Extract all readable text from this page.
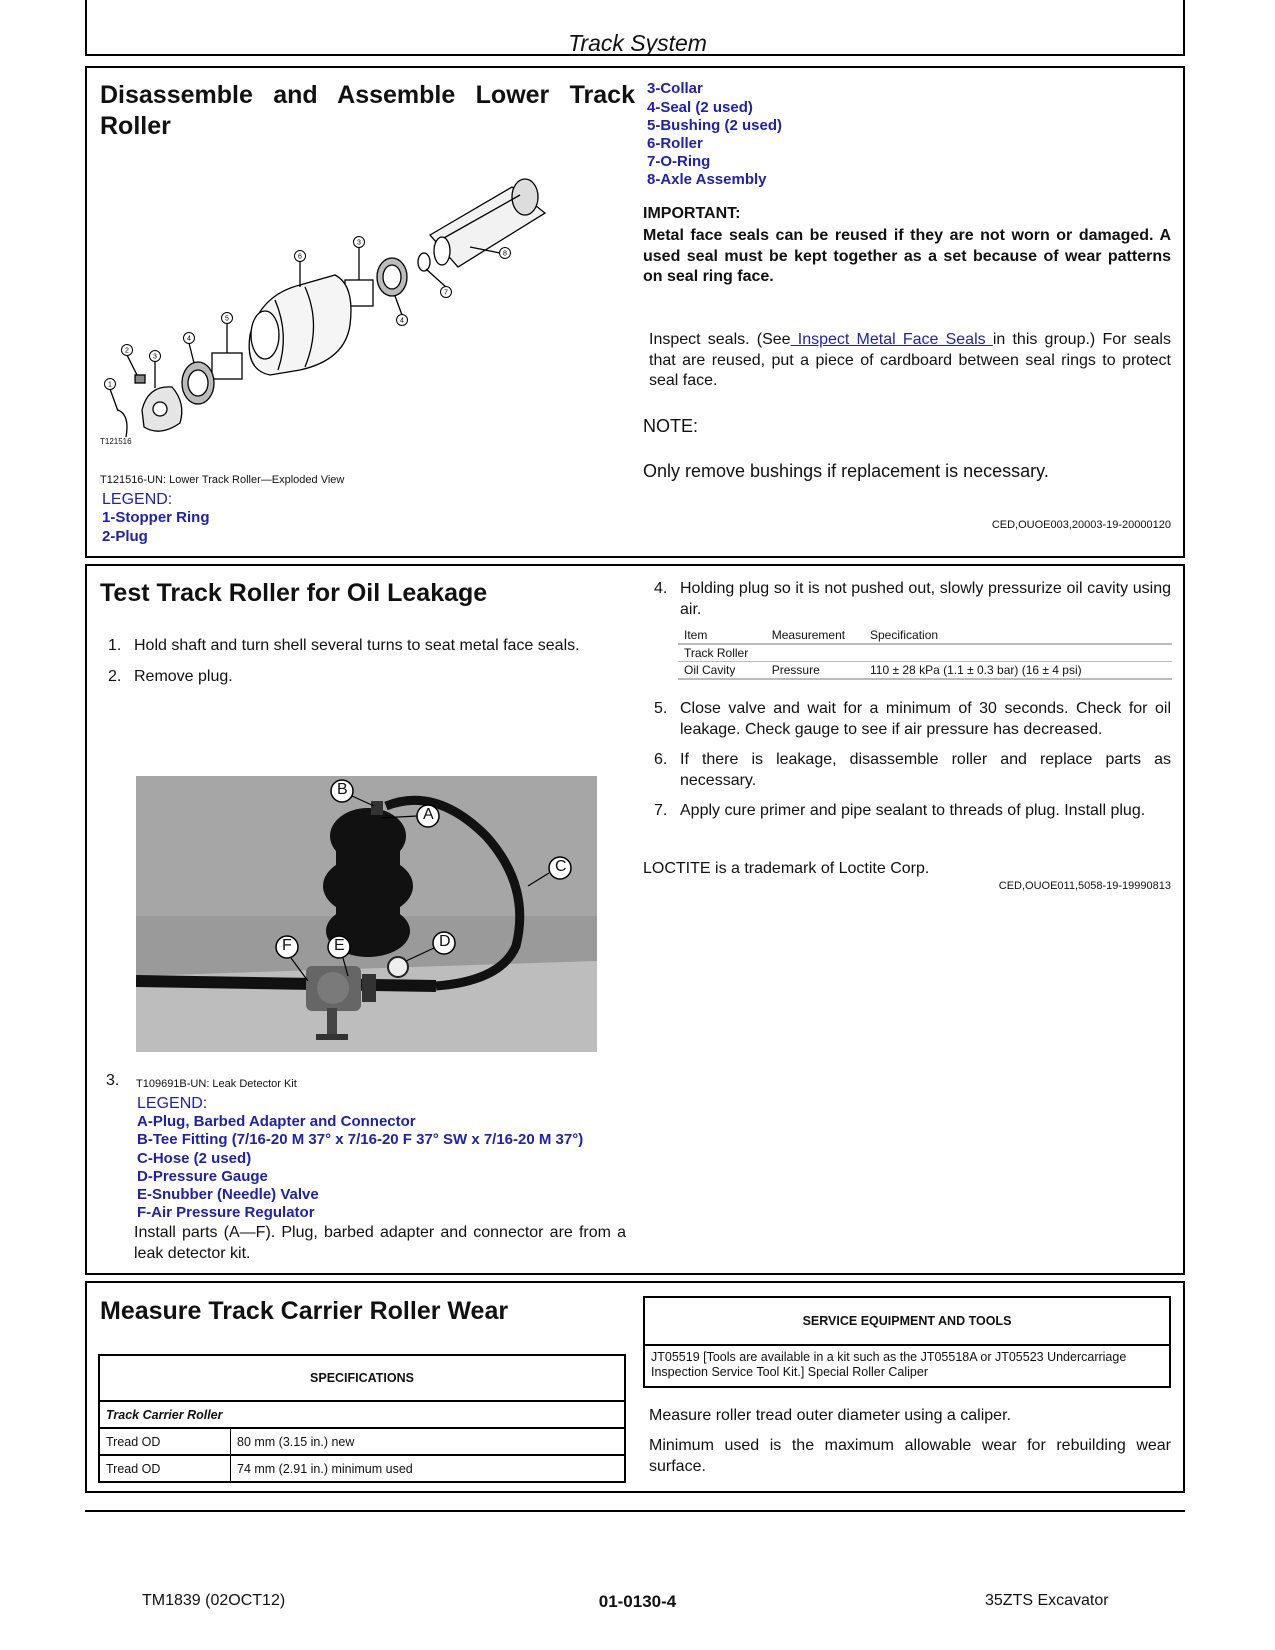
Track System
Disassemble and Assemble Lower Track Roller
1
2
3
4
5
6
3
4
7
8
T121516
T121516-UN: Lower Track Roller—Exploded View
LEGEND:
1-Stopper Ring
2-Plug
3-Collar
4-Seal (2 used)
5-Bushing (2 used)
6-Roller
7-O-Ring
8-Axle Assembly
IMPORTANT:
Metal face seals can be reused if they are not worn or damaged. A used seal must be kept together as a set because of wear patterns on seal ring face.
Inspect seals. (See Inspect Metal Face Seals in this group.) For seals that are reused, put a piece of cardboard between seal rings to protect seal face.
NOTE:
Only remove bushings if replacement is necessary.
CED,OUOE003,20003-19-20000120
Test Track Roller for Oil Leakage
1. Hold shaft and turn shell several turns to seat metal face seals.
2. Remove plug.
B
A
C
D
E
F
3. T109691B-UN: Leak Detector Kit
LEGEND:
A-Plug, Barbed Adapter and Connector
B-Tee Fitting (7/16-20 M 37° x 7/16-20 F 37° SW x 7/16-20 M 37°)
C-Hose (2 used)
D-Pressure Gauge
E-Snubber (Needle) Valve
F-Air Pressure Regulator
Install parts (A—F). Plug, barbed adapter and connector are from a leak detector kit.
4. Holding plug so it is not pushed out, slowly pressurize oil cavity using air.
Item	Measurement	Specification
Track Roller		
Oil Cavity	Pressure	110 ± 28 kPa (1.1 ± 0.3 bar) (16 ± 4 psi)
5. Close valve and wait for a minimum of 30 seconds. Check for oil leakage. Check gauge to see if air pressure has decreased.
6. If there is leakage, disassemble roller and replace parts as necessary.
7. Apply cure primer and pipe sealant to threads of plug. Install plug.
LOCTITE is a trademark of Loctite Corp.
CED,OUOE011,5058-19-19990813
Measure Track Carrier Roller Wear
SPECIFICATIONS	
Track Carrier Roller	
Tread OD	80 mm (3.15 in.) new
Tread OD	74 mm (2.91 in.) minimum used
SERVICE EQUIPMENT AND TOOLS
JT05519 [Tools are available in a kit such as the JT05518A or JT05523 Undercarriage Inspection Service Tool Kit.] Special Roller Caliper
Measure roller tread outer diameter using a caliper.
Minimum used is the maximum allowable wear for rebuilding wear surface.
TM1839 (02OCT12)	01-0130-4	35ZTS Excavator
